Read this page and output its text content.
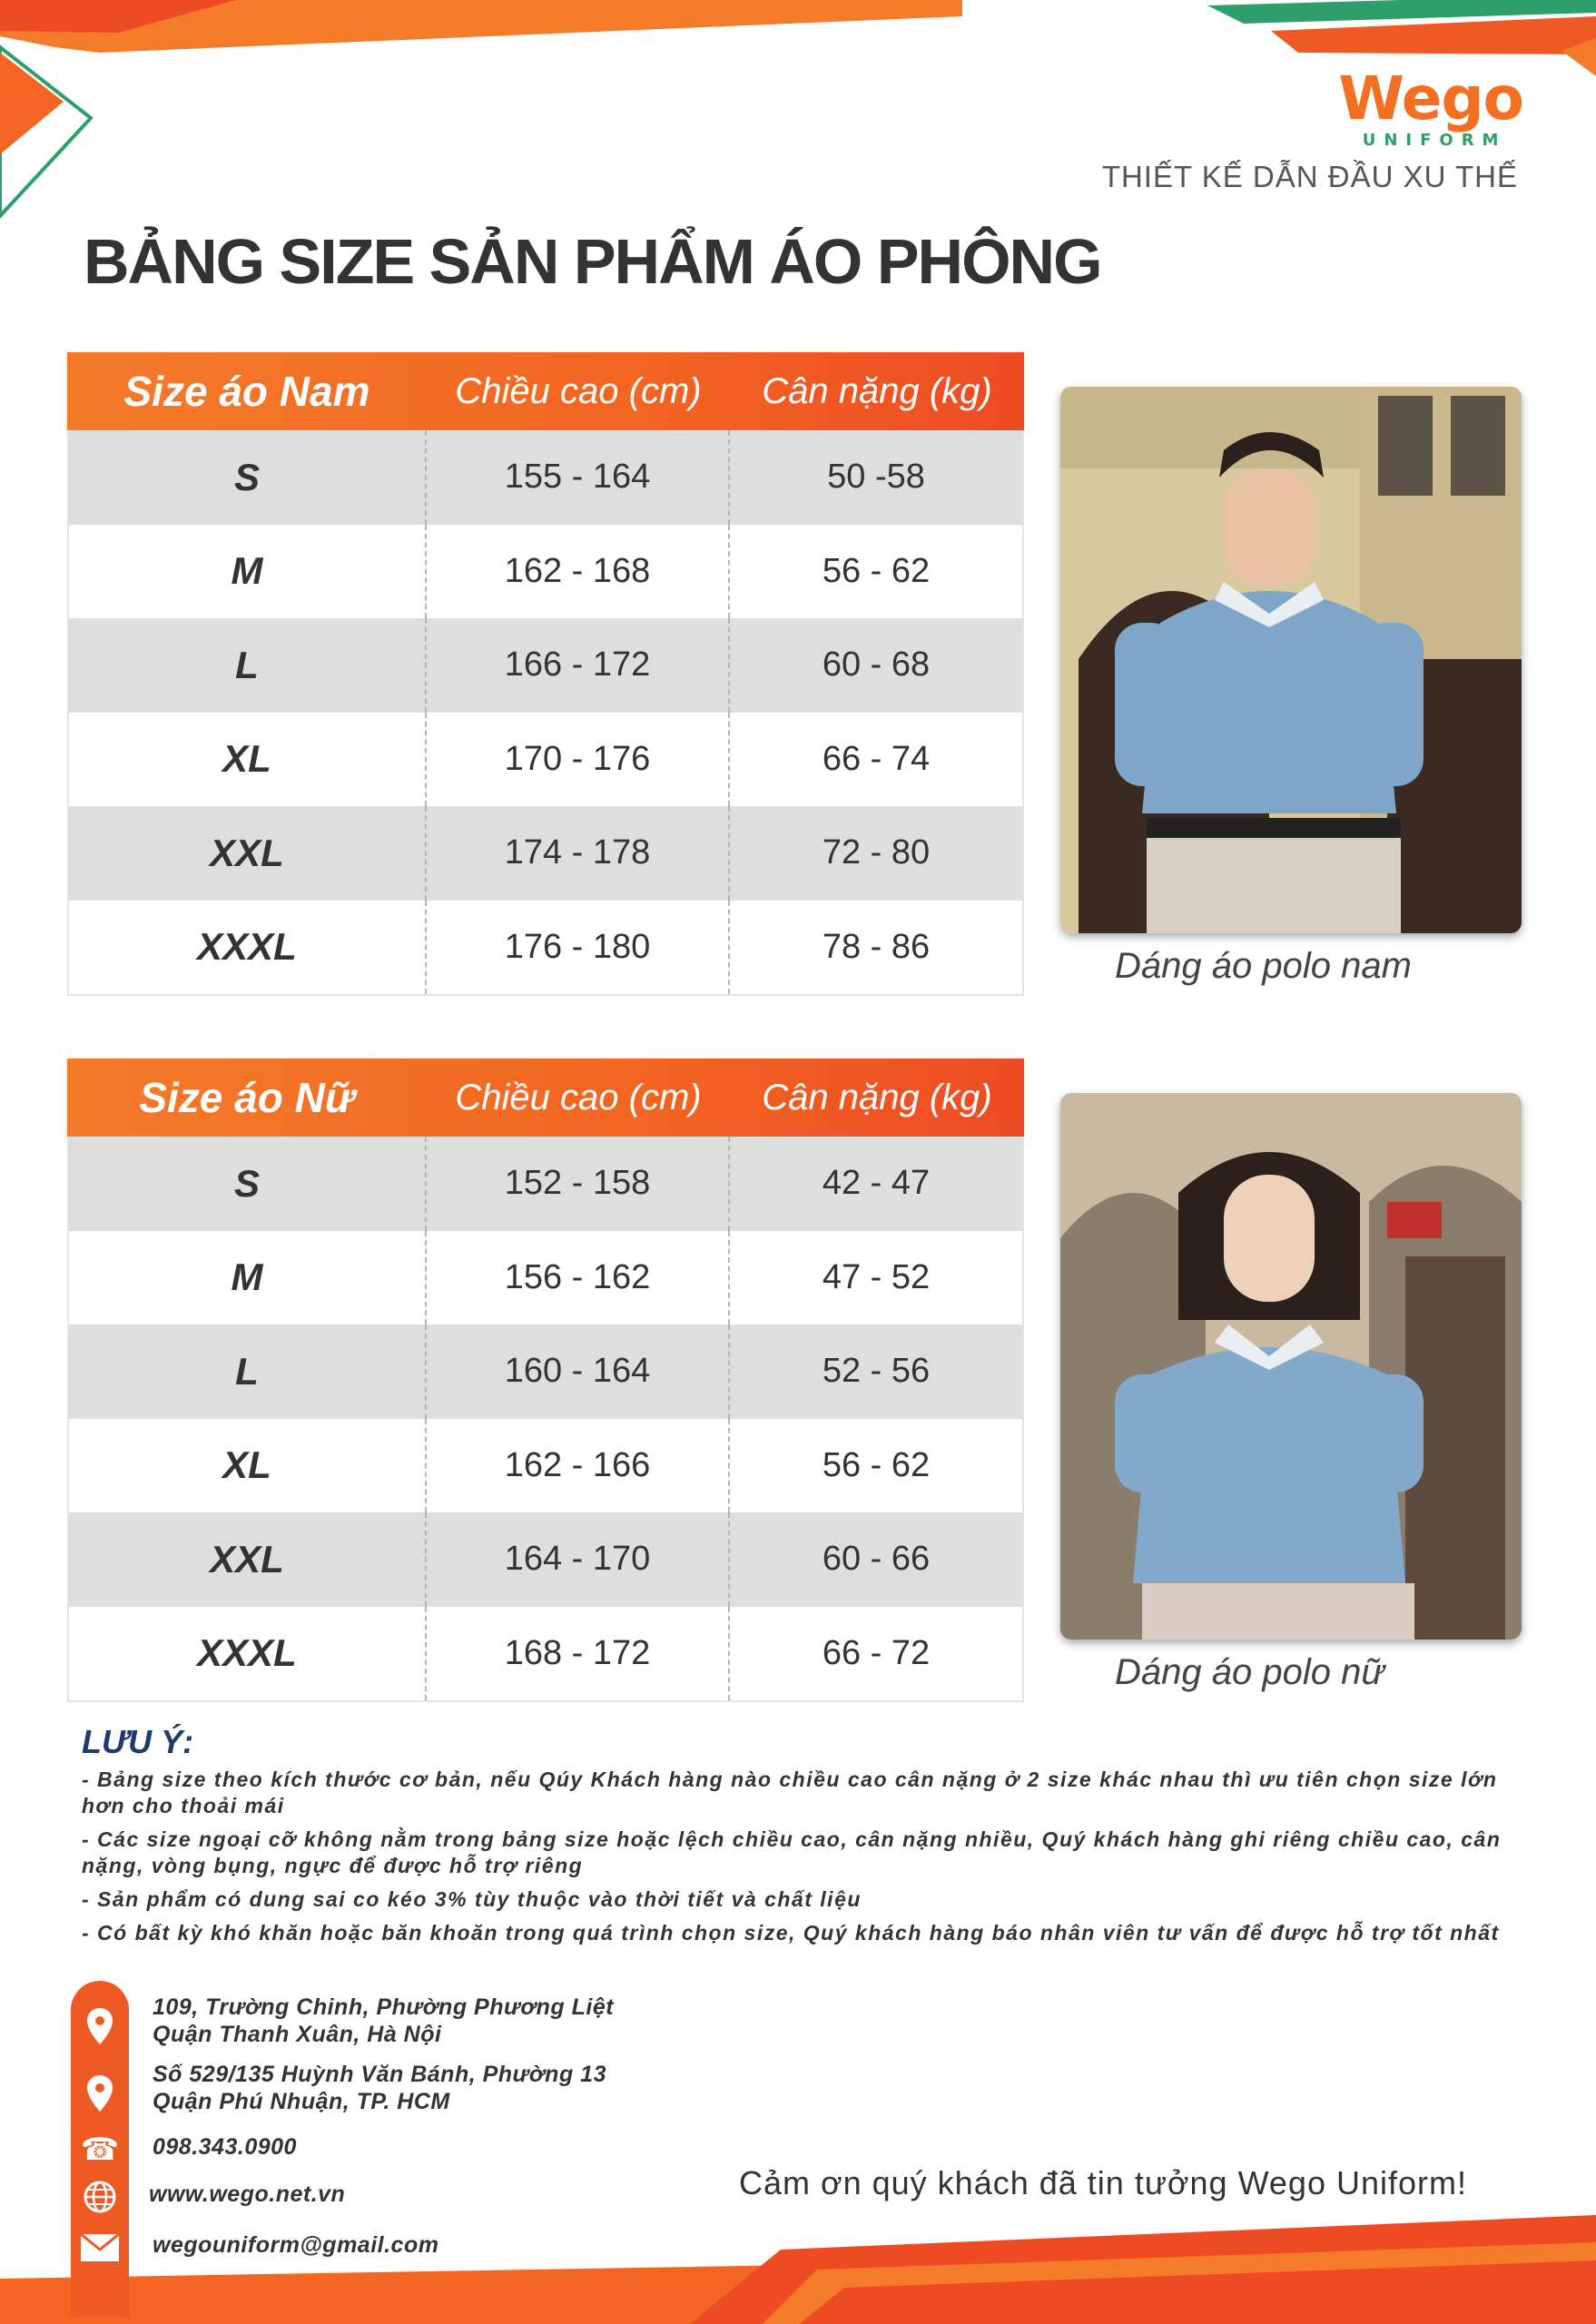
Wego
UNIFORM
THIẾT KẾ DẪN ĐẦU XU THẾ
BẢNG SIZE SẢN PHẨM ÁO PHÔNG
Size áo Nam	Chiều cao (cm)	Cân nặng (kg)
S	155 - 164	50 -58
M	162 - 168	56 - 62
L	166 - 172	60 - 68
XL	170 - 176	66 - 74
XXL	174 - 178	72 - 80
XXXL	176 - 180	78 - 86	Dáng áo polo nam
Size áo Nữ	Chiều cao (cm)	Cân nặng (kg)
S	152 - 158	42 - 47
M	156 - 162	47 - 52
L	160 - 164	52 - 56
XL	162 - 166	56 - 62
XXL	164 - 170	60 - 66
XXXL	168 - 172	66 - 72	Dáng áo polo nữ
LƯU Ý:

- Bảng size theo kích thước cơ bản, nếu Qúy Khách hàng nào chiều cao cân nặng ở 2 size khác nhau thì ưu tiên chọn size lớn hơn cho thoải mái

- Các size ngoại cỡ không nằm trong bảng size hoặc lệch chiều cao, cân nặng nhiều, Quý khách hàng ghi riêng chiều cao, cân nặng, vòng bụng, ngực để được hỗ trợ riêng

- Sản phẩm có dung sai co kéo 3% tùy thuộc vào thời tiết và chất liệu

- Có bất kỳ khó khăn hoặc băn khoăn trong quá trình chọn size, Quý khách hàng báo nhân viên tư vấn để được hỗ trợ tốt nhất

☎
109, Trường Chinh, Phường Phương Liệt
Quận Thanh Xuân, Hà Nội
Số 529/135 Huỳnh Văn Bánh, Phường 13
Quận Phú Nhuận, TP. HCM
098.343.0900
www.wego.net.vn
wegouniform@gmail.com
Cảm ơn quý khách đã tin tưởng Wego Uniform!
